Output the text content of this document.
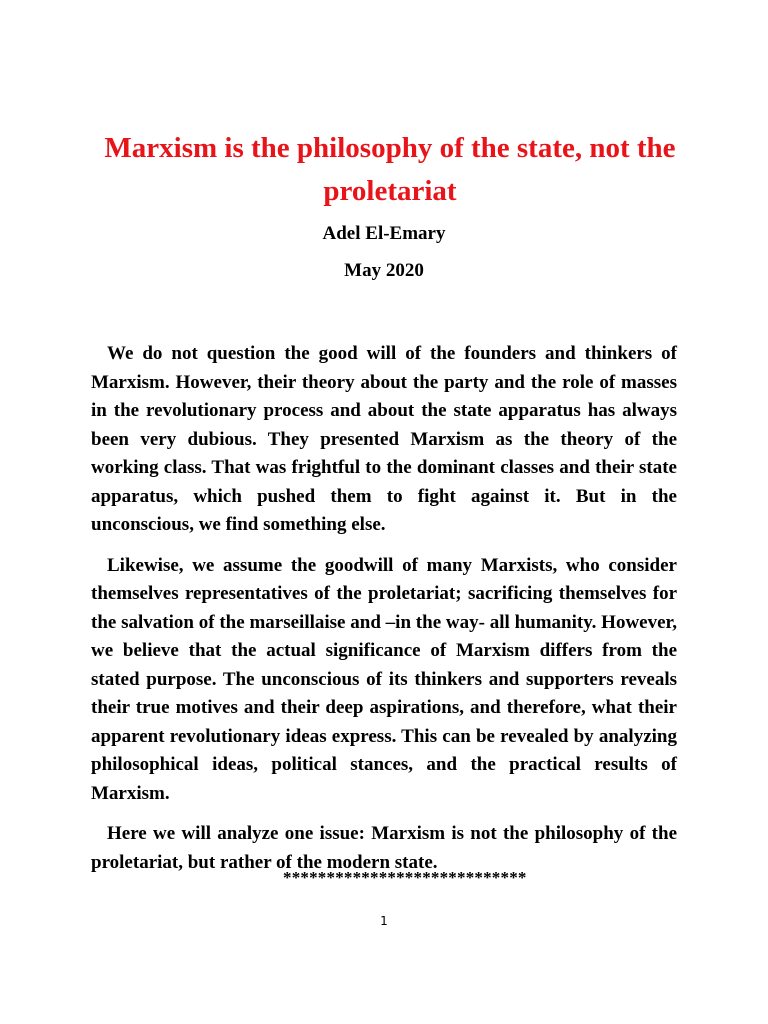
Marxism is the philosophy of the state, not the proletariat

Adel El-Emary

May 2020

We do not question the good will of the founders and thinkers of Marxism. However, their theory about the party and the role of masses in the revolutionary process and about the state apparatus has always been very dubious. They presented Marxism as the theory of the working class. That was frightful to the dominant classes and their state apparatus, which pushed them to fight against it. But in the unconscious, we find something else.

Likewise, we assume the goodwill of many Marxists, who consider themselves representatives of the proletariat; sacrificing themselves for the salvation of the marseillaise and –in the way- all humanity. However, we believe that the actual significance of Marxism differs from the stated purpose. The unconscious of its thinkers and supporters reveals their true motives and their deep aspirations, and therefore, what their apparent revolutionary ideas express. This can be revealed by analyzing philosophical ideas, political stances, and the practical results of Marxism.

Here we will analyze one issue: Marxism is not the philosophy of the proletariat, but rather of the modern state.

****************************

1
